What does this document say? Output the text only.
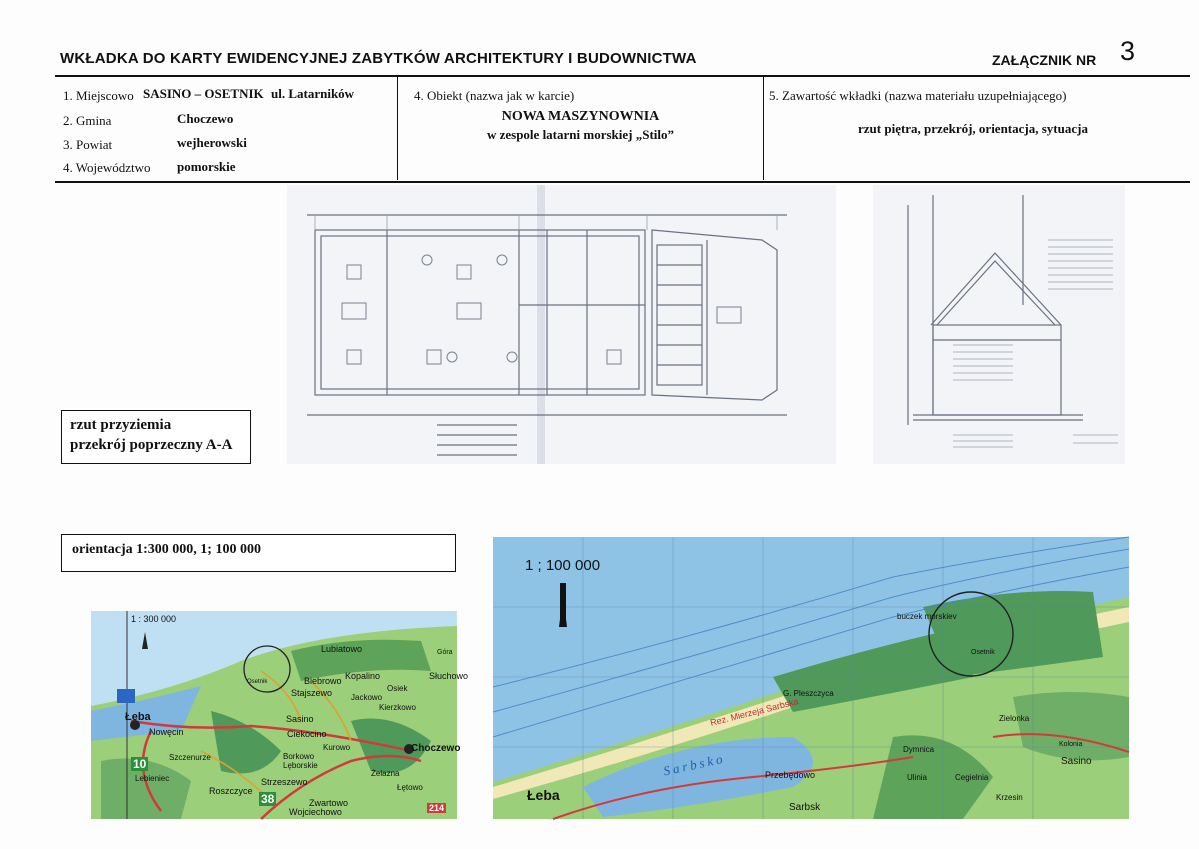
WKŁADKA DO KARTY EWIDENCYJNEJ ZABYTKÓW ARCHITEKTURY I BUDOWNICTWA	ZAŁĄCZNIK NR 3
1. Miejscowo SASINO – OSETNIK ul. Latarników
2. Gmina	Choczewo
3. Powiat	wejherowski
4. Województwo pomorskie
4. Obiekt (nazwa jak w karcie)
NOWA MASZYNOWNIA
w zespole latarni morskiej „Stilo”
5. Zawartość wkładki (nazwa materiału uzupełniającego)
rzut piętra, przekrój, orientacja, sytuacja
rzut przyziemia
przekrój poprzeczny A-A
orientacja 1:300 000, 1; 100 000
1 : 300 000
Lubiatowo	Góra
Biebrowo Kopalino	Słuchowo
Osiek
Stajszewo Jackowo
Kierzkowo
Sasino
Ciekocino
Choczewo
Łeba
Nowęcin
Szczenurze
Lebieniec
Kurowo
Borkowo Lęborskie
Żelazna
Strzeszewo
Łętowo
Roszczyce
Zwartowo
Wojciechowo
Osetnik
10
38
214
1 ; 100 000
Łeba
Sarbsk
G. Pleszczyca
Przebędowo
Osetnik
Zielonka
Sasino
Dymnica
Ulinia	Cegielnia
Krzesin
Kolonia
buczek morskiev
Sarbsko
Rez. Mierzeja Sarbska
